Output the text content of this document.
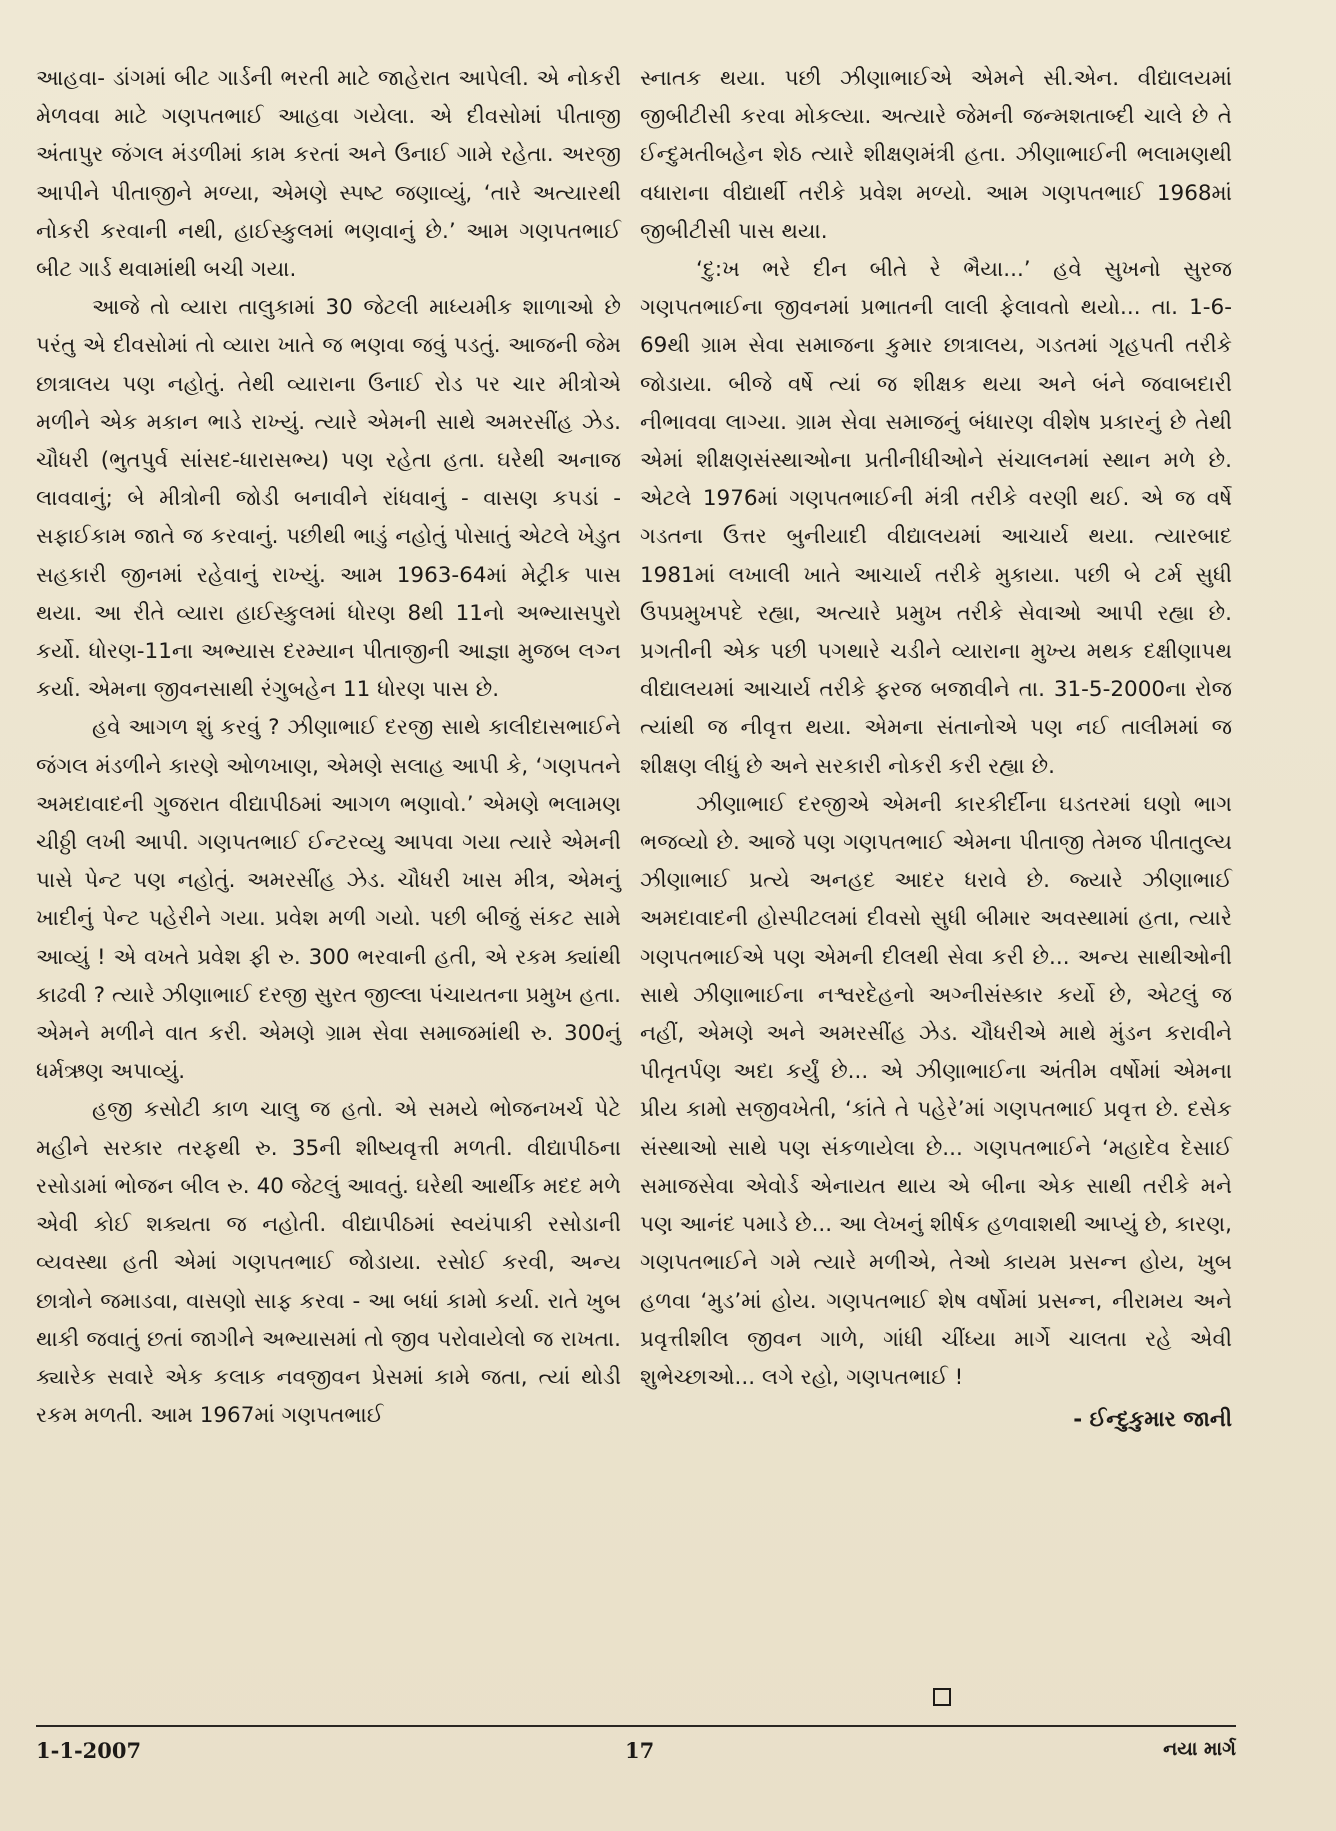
આહવા- ડાંગમાં બીટ ગાર્ડની ભરતી માટે જાહેરાત આપેલી. એ નોકરી મેળવવા માટે ગણપતભાઈ આહવા ગયેલા. એ દીવસોમાં પીતાજી અંતાપુર જંગલ મંડળીમાં કામ કરતાં અને ઉનાઈ ગામે રહેતા. અરજી આપીને પીતાજીને મળ્યા, એમણે સ્પષ્ટ જણાવ્યું, ‘તારે અત્યારથી નોકરી કરવાની નથી, હાઈસ્કુલમાં ભણવાનું છે.’ આમ ગણપતભાઈ બીટ ગાર્ડ થવામાંથી બચી ગયા.

આજે તો વ્યારા તાલુકામાં 30 જેટલી માધ્યમીક શાળાઓ છે પરંતુ એ દીવસોમાં તો વ્યારા ખાતે જ ભણવા જવું પડતું. આજની જેમ છાત્રાલય પણ નહોતું. તેથી વ્યારાના ઉનાઈ રોડ પર ચાર મીત્રોએ મળીને એક મકાન ભાડે રાખ્યું. ત્યારે એમની સાથે અમરસીંહ ઝેડ. ચૌધરી (ભુતપુર્વ સાંસદ-ધારાસભ્ય) પણ રહેતા હતા. ઘરેથી અનાજ લાવવાનું; બે મીત્રોની જોડી બનાવીને રાંધવાનું - વાસણ કપડાં - સફાઈકામ જાતે જ કરવાનું. પછીથી ભાડું નહોતું પોસાતું એટલે ખેડુત સહકારી જીનમાં રહેવાનું રાખ્યું. આમ 1963-64માં મેટ્રીક પાસ થયા. આ રીતે વ્યારા હાઈસ્કુલમાં ધોરણ 8થી 11નો અભ્યાસપુરો કર્યો. ધોરણ-11ના અભ્યાસ દરમ્યાન પીતાજીની આજ્ઞા મુજબ લગ્ન કર્યા. એમના જીવનસાથી રંગુબહેન 11 ધોરણ પાસ છે.

હવે આગળ શું કરવું ? ઝીણાભાઈ દરજી સાથે કાલીદાસભાઈને જંગલ મંડળીને કારણે ઓળખાણ, એમણે સલાહ આપી કે, ‘ગણપતને અમદાવાદની ગુજરાત વીદ્યાપીઠમાં આગળ ભણાવો.’ એમણે ભલામણ ચીઠ્ઠી લખી આપી. ગણપતભાઈ ઈન્ટરવ્યુ આપવા ગયા ત્યારે એમની પાસે પેન્ટ પણ નહોતું. અમરસીંહ ઝેડ. ચૌધરી ખાસ મીત્ર, એમનું ખાદીનું પેન્ટ પહેરીને ગયા. પ્રવેશ મળી ગયો. પછી બીજું સંકટ સામે આવ્યું ! એ વખતે પ્રવેશ ફી રુ. 300 ભરવાની હતી, એ રકમ ક્યાંથી કાઢવી ? ત્યારે ઝીણાભાઈ દરજી સુરત જીલ્લા પંચાયતના પ્રમુખ હતા. એમને મળીને વાત કરી. એમણે ગ્રામ સેવા સમાજમાંથી રુ. 300નું ધર્મઋણ અપાવ્યું.

હજી કસોટી કાળ ચાલુ જ હતો. એ સમયે ભોજનખર્ચ પેટે મહીને સરકાર તરફથી રુ. 35ની શીષ્યવૃત્તી મળતી. વીદ્યાપીઠના રસોડામાં ભોજન બીલ રુ. 40 જેટલું આવતું. ઘરેથી આર્થીક મદદ મળે એવી કોઈ શક્યતા જ નહોતી. વીદ્યાપીઠમાં સ્વયંપાકી રસોડાની વ્યવસ્થા હતી એમાં ગણપતભાઈ જોડાયા. રસોઈ કરવી, અન્ય છાત્રોને જમાડવા, વાસણો સાફ કરવા - આ બધાં કામો કર્યા. રાતે ખુબ થાકી જવાતું છતાં જાગીને અભ્યાસમાં તો જીવ પરોવાયેલો જ રાખતા. ક્યારેક સવારે એક કલાક નવજીવન પ્રેસમાં કામે જતા, ત્યાં થોડી રકમ મળતી. આમ 1967માં ગણપતભાઈ

સ્નાતક થયા. પછી ઝીણાભાઈએ એમને સી.એન. વીદ્યાલયમાં જીબીટીસી કરવા મોકલ્યા. અત્યારે જેમની જન્મશતાબ્દી ચાલે છે તે ઈન્દુમતીબહેન શેઠ ત્યારે શીક્ષણમંત્રી હતા. ઝીણાભાઈની ભલામણથી વધારાના વીદ્યાર્થી તરીકે પ્રવેશ મળ્યો. આમ ગણપતભાઈ 1968માં જીબીટીસી પાસ થયા.

‘દુ:ખ ભરે દીન બીતે રે ભૈયા...’ હવે સુખનો સુરજ ગણપતભાઈના જીવનમાં પ્રભાતની લાલી ફેલાવતો થયો... તા. 1-6-69થી ગ્રામ સેવા સમાજના કુમાર છાત્રાલય, ગડતમાં ગૃહપતી તરીકે જોડાયા. બીજે વર્ષે ત્યાં જ શીક્ષક થયા અને બંને જવાબદારી નીભાવવા લાગ્યા. ગ્રામ સેવા સમાજનું બંધારણ વીશેષ પ્રકારનું છે તેથી એમાં શીક્ષણસંસ્થાઓના પ્રતીનીધીઓને સંચાલનમાં સ્થાન મળે છે. એટલે 1976માં ગણપતભાઈની મંત્રી તરીકે વરણી થઈ. એ જ વર્ષે ગડતના ઉત્તર બુનીયાદી વીદ્યાલયમાં આચાર્ય થયા. ત્યારબાદ 1981માં લખાલી ખાતે આચાર્ય તરીકે મુકાયા. પછી બે ટર્મ સુધી ઉપપ્રમુખપદે રહ્યા, અત્યારે પ્રમુખ તરીકે સેવાઓ આપી રહ્યા છે. પ્રગતીની એક પછી પગથારે ચડીને વ્યારાના મુખ્ય મથક દક્ષીણાપથ વીદ્યાલયમાં આચાર્ય તરીકે ફરજ બજાવીને તા. 31-5-2000ના રોજ ત્યાંથી જ નીવૃત્ત થયા. એમના સંતાનોએ પણ નઈ તાલીમમાં જ શીક્ષણ લીધું છે અને સરકારી નોકરી કરી રહ્યા છે.

ઝીણાભાઈ દરજીએ એમની કારકીર્દીના ઘડતરમાં ઘણો ભાગ ભજવ્યો છે. આજે પણ ગણપતભાઈ એમના પીતાજી તેમજ પીતાતુલ્ય ઝીણાભાઈ પ્રત્યે અનહદ આદર ધરાવે છે. જ્યારે ઝીણાભાઈ અમદાવાદની હોસ્પીટલમાં દીવસો સુધી બીમાર અવસ્થામાં હતા, ત્યારે ગણપતભાઈએ પણ એમની દીલથી સેવા કરી છે... અન્ય સાથીઓની સાથે ઝીણાભાઈના નશ્વરદેહનો અગ્નીસંસ્કાર કર્યો છે, એટલું જ નહીં, એમણે અને અમરસીંહ ઝેડ. ચૌધરીએ માથે મુંડન કરાવીને પીતૃતર્પણ અદા કર્યું છે... એ ઝીણાભાઈના અંતીમ વર્ષોમાં એમના પ્રીય કામો સજીવખેતી, ‘કાંતે તે પહેરે’માં ગણપતભાઈ પ્રવૃત્ત છે. દસેક સંસ્થાઓ સાથે પણ સંકળાયેલા છે... ગણપતભાઈને ‘મહાદેવ દેસાઈ સમાજસેવા એવોર્ડ એનાયત થાય એ બીના એક સાથી તરીકે મને પણ આનંદ પમાડે છે... આ લેખનું શીર્ષક હળવાશથી આપ્યું છે, કારણ, ગણપતભાઈને ગમે ત્યારે મળીએ, તેઓ કાયમ પ્રસન્ન હોય, ખુબ હળવા ‘મુડ’માં હોય. ગણપતભાઈ શેષ વર્ષોમાં પ્રસન્ન, નીરામય અને પ્રવૃત્તીશીલ જીવન ગાળે, ગાંધી ચીંધ્યા માર્ગે ચાલતા રહે એવી શુભેચ્છાઓ... લગે રહો, ગણપતભાઈ !

- ઈન્દુકુમાર જાની

1-1-2007	17	નયા માર્ગ
